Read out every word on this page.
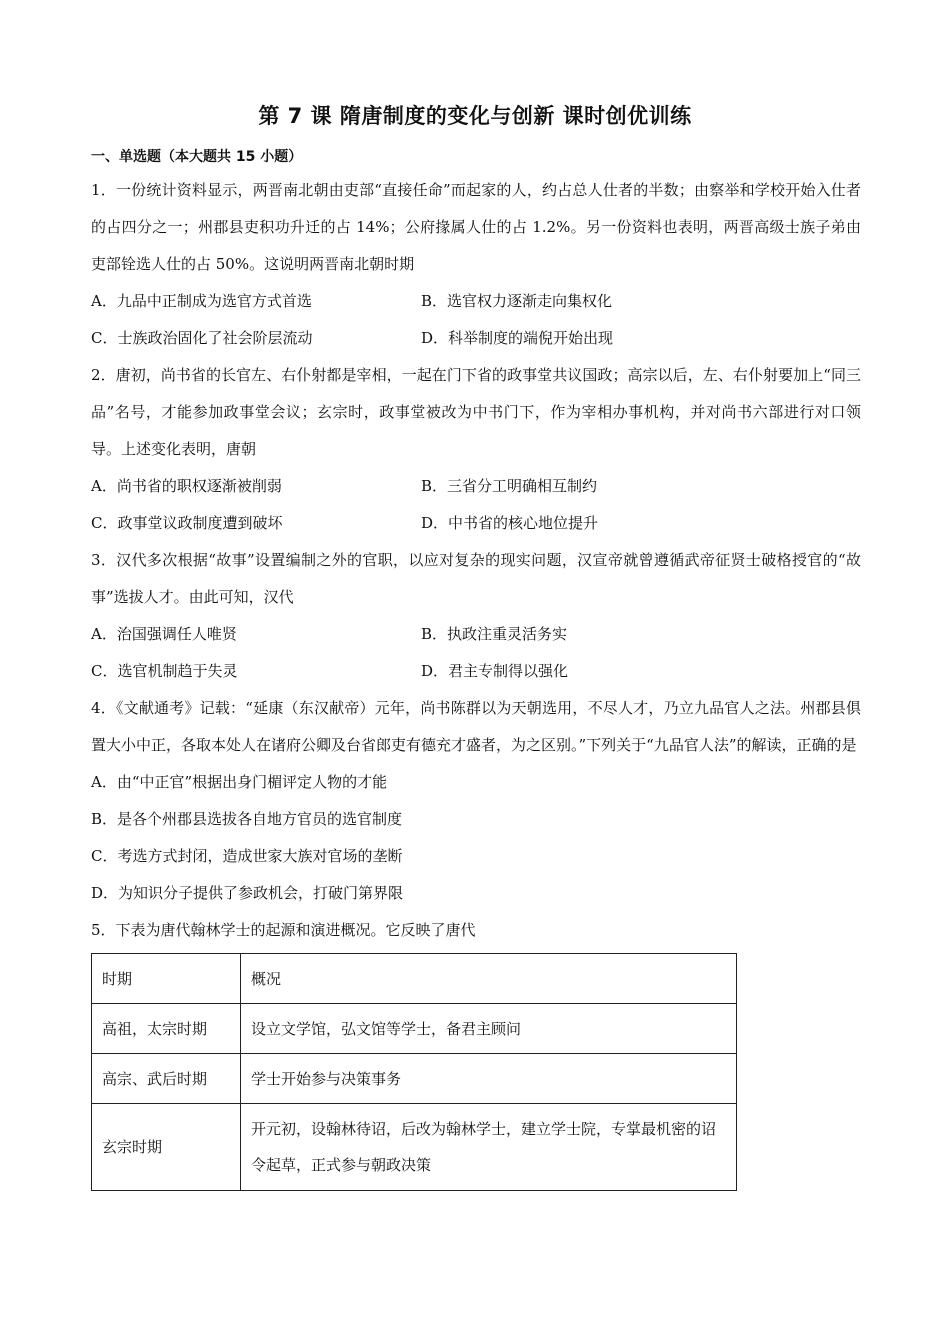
第 7 课 隋唐制度的变化与创新 课时创优训练
一、单选题（本大题共 15 小题）
1．一份统计资料显示，两晋南北朝由吏部“直接任命”而起家的人，约占总人仕者的半数；由察举和学校开始入仕者的占四分之一；州郡县吏积功升迁的占 14%；公府掾属人仕的占 1.2%。另一份资料也表明，两晋高级士族子弟由吏部铨选人仕的占 50%。这说明两晋南北朝时期
A．九品中正制成为选官方式首选	B．选官权力逐渐走向集权化
C．士族政治固化了社会阶层流动	D．科举制度的端倪开始出现
2．唐初，尚书省的长官左、右仆射都是宰相，一起在门下省的政事堂共议国政；高宗以后，左、右仆射要加上“同三品”名号，才能参加政事堂会议；玄宗时，政事堂被改为中书门下，作为宰相办事机构，并对尚书六部进行对口领导。上述变化表明，唐朝
A．尚书省的职权逐渐被削弱	B．三省分工明确相互制约
C．政事堂议政制度遭到破坏	D．中书省的核心地位提升
3．汉代多次根据“故事”设置编制之外的官职，以应对复杂的现实问题，汉宣帝就曾遵循武帝征贤士破格授官的“故事”选拔人才。由此可知，汉代
A．治国强调任人唯贤	B．执政注重灵活务实
C．选官机制趋于失灵	D．君主专制得以强化
4．《文献通考》记载：“延康（东汉献帝）元年，尚书陈群以为天朝选用，不尽人才，乃立九品官人之法。州郡县俱置大小中正，各取本处人在诸府公卿及台省郎吏有德充才盛者，为之区别。”下列关于“九品官人法”的解读，正确的是
A．由“中正官”根据出身门楣评定人物的才能
B．是各个州郡县选拔各自地方官员的选官制度
C．考选方式封闭，造成世家大族对官场的垄断
D．为知识分子提供了参政机会，打破门第界限
5．下表为唐代翰林学士的起源和演进概况。它反映了唐代
时期	概况
高祖，太宗时期	设立文学馆，弘文馆等学士，备君主顾问
高宗、武后时期	学士开始参与决策事务
玄宗时期	开元初，设翰林待诏，后改为翰林学士，建立学士院，专掌最机密的诏令起草，正式参与朝政决策
